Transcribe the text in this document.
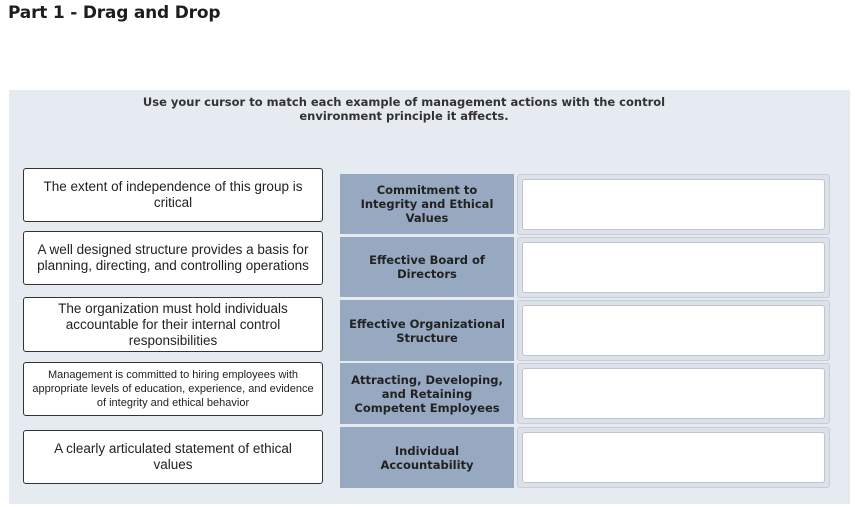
Part 1 - Drag and Drop
Use your cursor to match each example of management actions with the control environment principle it affects.
The extent of independence of this group is critical
A well designed structure provides a basis for planning, directing, and controlling operations
The organization must hold individuals accountable for their internal control responsibilities
Management is committed to hiring employees with appropriate levels of education, experience, and evidence of integrity and ethical behavior
A clearly articulated statement of ethical values
Commitment to Integrity and Ethical Values
Effective Board of Directors
Effective Organizational Structure
Attracting, Developing, and Retaining Competent Employees
Individual Accountability
